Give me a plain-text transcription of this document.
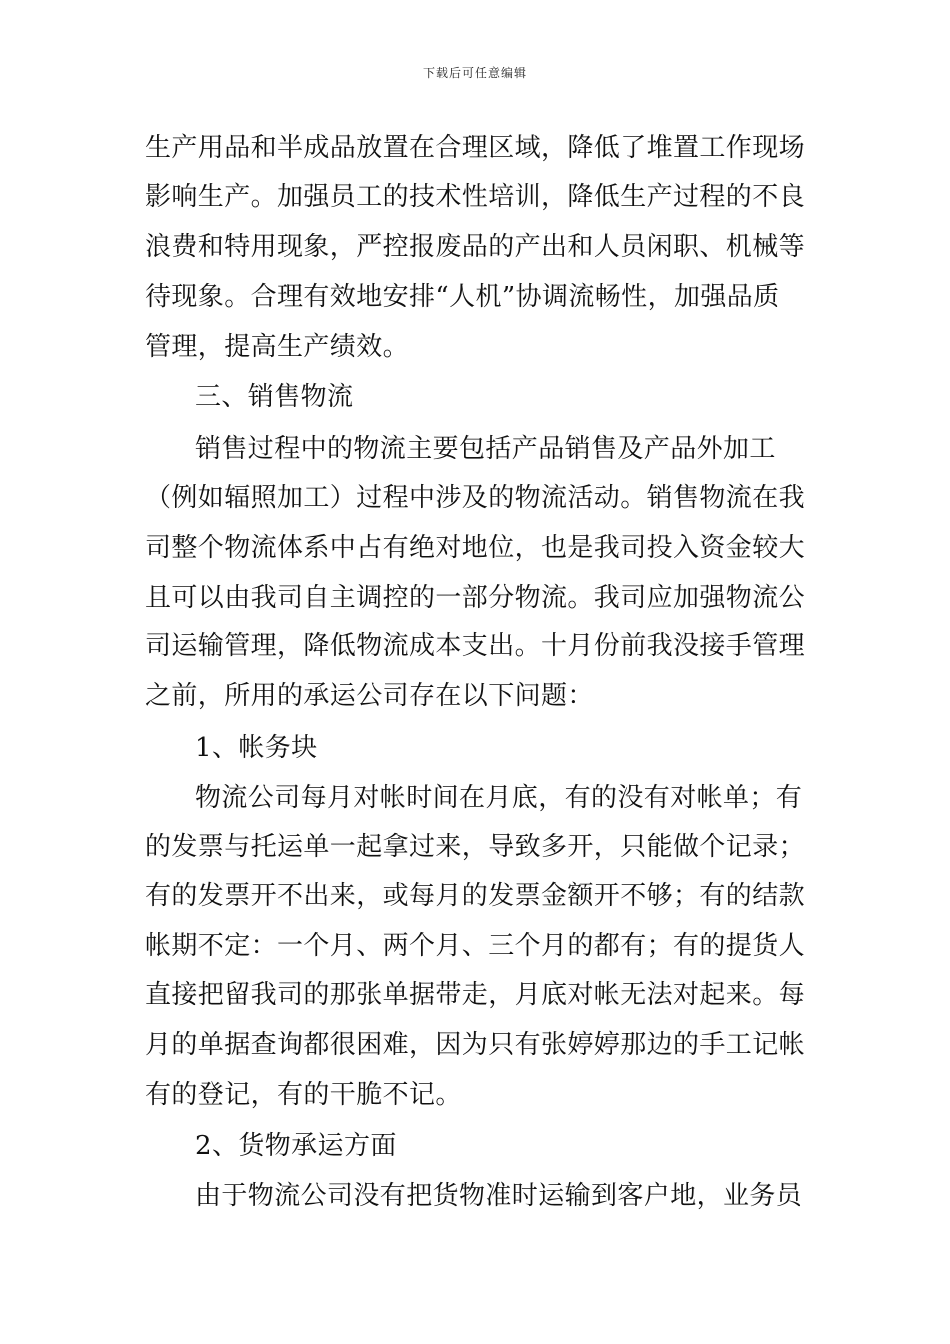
下载后可任意编辑
生产用品和半成品放置在合理区域，降低了堆置工作现场
影响生产。加强员工的技术性培训，降低生产过程的不良
浪费和特用现象，严控报废品的产出和人员闲职、机械等
待现象。合理有效地安排“人机”协调流畅性，加强品质
管理，提高生产绩效。
三、销售物流
销售过程中的物流主要包括产品销售及产品外加工
（例如辐照加工）过程中涉及的物流活动。销售物流在我
司整个物流体系中占有绝对地位，也是我司投入资金较大
且可以由我司自主调控的一部分物流。我司应加强物流公
司运输管理，降低物流成本支出。十月份前我没接手管理
之前，所用的承运公司存在以下问题：
1、帐务块
物流公司每月对帐时间在月底，有的没有对帐单；有
的发票与托运单一起拿过来，导致多开，只能做个记录；
有的发票开不出来，或每月的发票金额开不够；有的结款
帐期不定：一个月、两个月、三个月的都有；有的提货人
直接把留我司的那张单据带走，月底对帐无法对起来。每
月的单据查询都很困难，因为只有张婷婷那边的手工记帐
有的登记，有的干脆不记。
2、货物承运方面
由于物流公司没有把货物准时运输到客户地，业务员
